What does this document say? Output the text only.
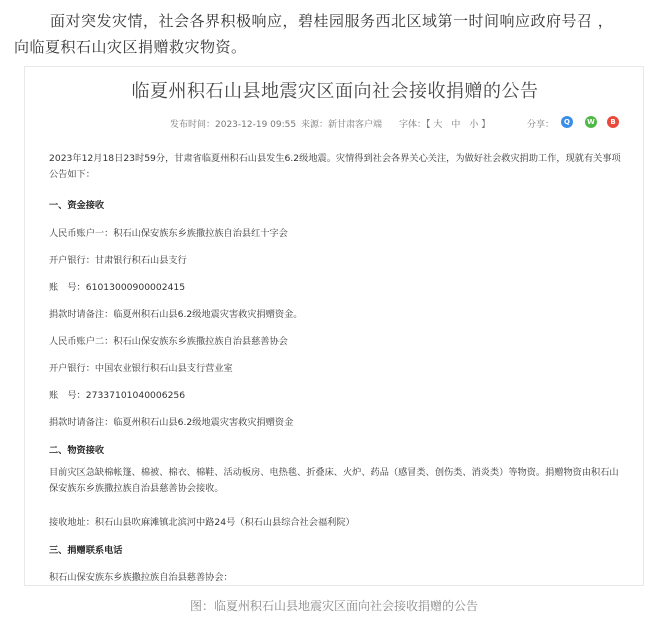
面对突发灾情，社会各界积极响应，碧桂园服务西北区域第一时间响应政府号召 ，
向临夏积石山灾区捐赠救灾物资。
临夏州积石山县地震灾区面向社会接收捐赠的公告
发布时间：2023-12-19 09:55 来源：新甘肃客户端 字体：【 大　中　小 】	分享：	Q	W	B

2023年12月18日23时59分，甘肃省临夏州积石山县发生6.2级地震。灾情得到社会各界关心关注，为做好社会救灾捐助工作，现就有关事项公告如下：

一、资金接收

人民币账户一：积石山保安族东乡族撒拉族自治县红十字会

开户银行：甘肃银行积石山县支行

账　号：61013000900002415

捐款时请备注：临夏州积石山县6.2级地震灾害救灾捐赠资金。

人民币账户二：积石山保安族东乡族撒拉族自治县慈善协会

开户银行：中国农业银行积石山县支行营业室

账　号：27337101040006256

捐款时请备注：临夏州积石山县6.2级地震灾害救灾捐赠资金

二、物资接收

目前灾区急缺棉帐篷、棉被、棉衣、棉鞋、活动板房、电热毯、折叠床、火炉、药品（感冒类、创伤类、消炎类）等物资。捐赠物资由积石山保安族东乡族撒拉族自治县慈善协会接收。

接收地址：积石山县吹麻滩镇北滨河中路24号（积石山县综合社会福利院）

三、捐赠联系电话

积石山保安族东乡族撒拉族自治县慈善协会：

图：临夏州积石山县地震灾区面向社会接收捐赠的公告
